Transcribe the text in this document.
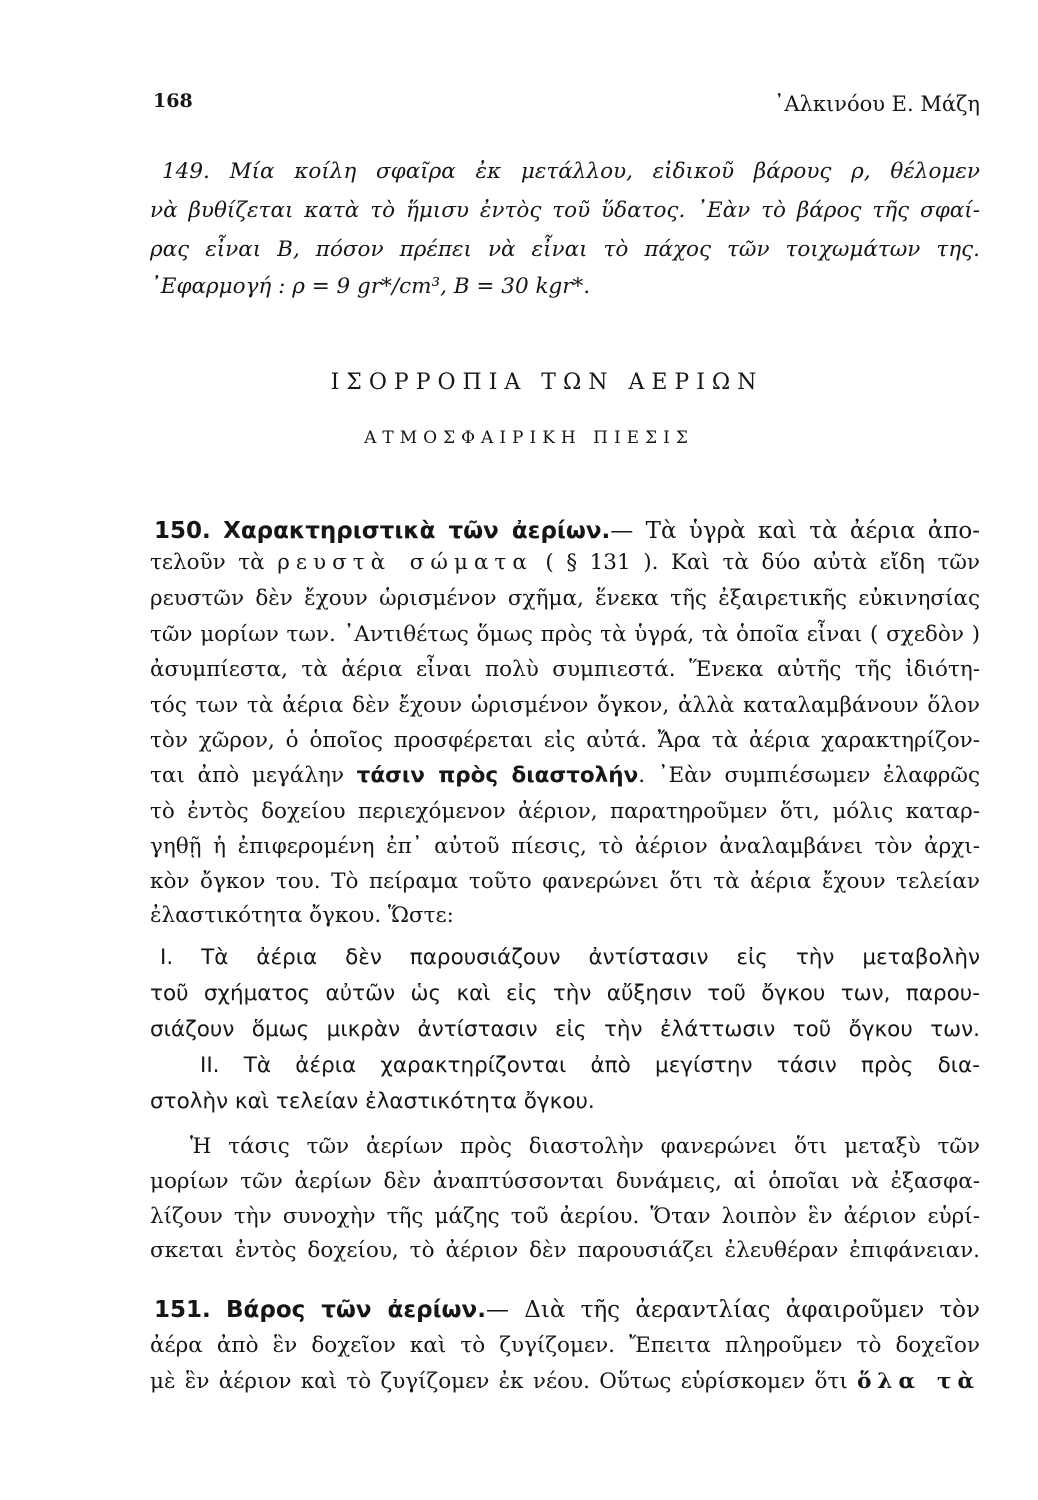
168	᾿Αλκινόου Ε. Μάζη
149. Μία κοίλη σφαῖρα ἐκ μετάλλου, εἰδικοῦ βάρους ρ, θέλομεν
νὰ βυθίζεται κατὰ τὸ ἥμισυ ἐντὸς τοῦ ὕδατος. ᾿Εὰν τὸ βάρος τῆς σφαί-
ρας εἶναι Β, πόσον πρέπει νὰ εἶναι τὸ πάχος τῶν τοιχωμάτων της.
᾿Εφαρμογή : ρ = 9 gr*/cm³, Β = 30 kgr*.
ΙΣΟΡΡΟΠΙΑ ΤΩΝ ΑΕΡΙΩΝ
ΑΤΜΟΣΦΑΙΡΙΚΗ ΠΙΕΣΙΣ
150. Χαρακτηριστικὰ τῶν ἀερίων.— Τὰ ὑγρὰ καὶ τὰ ἀέρια ἀπο-
τελοῦν τὰ ρευστὰ σώματα ( § 131 ). Καὶ τὰ δύο αὐτὰ εἴδη τῶν
ρευστῶν δὲν ἔχουν ὡρισμένον σχῆμα, ἕνεκα τῆς ἐξαιρετικῆς εὐκινησίας
τῶν μορίων των. ᾿Αντιθέτως ὅμως πρὸς τὰ ὑγρά, τὰ ὁποῖα εἶναι ( σχεδὸν )
ἀσυμπίεστα, τὰ ἀέρια εἶναι πολὺ συμπιεστά. Ἕνεκα αὐτῆς τῆς ἰδιότη-
τός των τὰ ἀέρια δὲν ἔχουν ὡρισμένον ὄγκον, ἀλλὰ καταλαμβάνουν ὅλον
τὸν χῶρον, ὁ ὁποῖος προσφέρεται εἰς αὐτά. Ἄρα τὰ ἀέρια χαρακτηρίζον-
ται ἀπὸ μεγάλην τάσιν πρὸς διαστολήν. ᾿Εὰν συμπιέσωμεν ἐλαφρῶς
τὸ ἐντὸς δοχείου περιεχόμενον ἀέριον, παρατηροῦμεν ὅτι, μόλις καταρ-
γηθῇ ἡ ἐπιφερομένη ἐπ᾿ αὐτοῦ πίεσις, τὸ ἀέριον ἀναλαμβάνει τὸν ἀρχι-
κὸν ὄγκον του. Τὸ πείραμα τοῦτο φανερώνει ὅτι τὰ ἀέρια ἔχουν τελείαν
ἐλαστικότητα ὄγκου. Ὥστε:
I. Τὰ ἀέρια δὲν παρουσιάζουν ἀντίστασιν εἰς τὴν μεταβολὴν
τοῦ σχήματος αὐτῶν ὡς καὶ εἰς τὴν αὔξησιν τοῦ ὄγκου των, παρου-
σιάζουν ὅμως μικρὰν ἀντίστασιν εἰς τὴν ἐλάττωσιν τοῦ ὄγκου των.
II. Τὰ ἀέρια χαρακτηρίζονται ἀπὸ μεγίστην τάσιν πρὸς δια-
στολὴν καὶ τελείαν ἐλαστικότητα ὄγκου.
Ἡ τάσις τῶν ἀερίων πρὸς διαστολὴν φανερώνει ὅτι μεταξὺ τῶν
μορίων τῶν ἀερίων δὲν ἀναπτύσσονται δυνάμεις, αἱ ὁποῖαι νὰ ἐξασφα-
λίζουν τὴν συνοχὴν τῆς μάζης τοῦ ἀερίου. Ὅταν λοιπὸν ἓν ἀέριον εὑρί-
σκεται ἐντὸς δοχείου, τὸ ἀέριον δὲν παρουσιάζει ἐλευθέραν ἐπιφάνειαν.
151. Βάρος τῶν ἀερίων.— Διὰ τῆς ἀεραντλίας ἀφαιροῦμεν τὸν
ἀέρα ἀπὸ ἓν δοχεῖον καὶ τὸ ζυγίζομεν. Ἔπειτα πληροῦμεν τὸ δοχεῖον
μὲ ἓν ἀέριον καὶ τὸ ζυγίζομεν ἐκ νέου. Οὕτως εὑρίσκομεν ὅτι ὅλα τὰ
